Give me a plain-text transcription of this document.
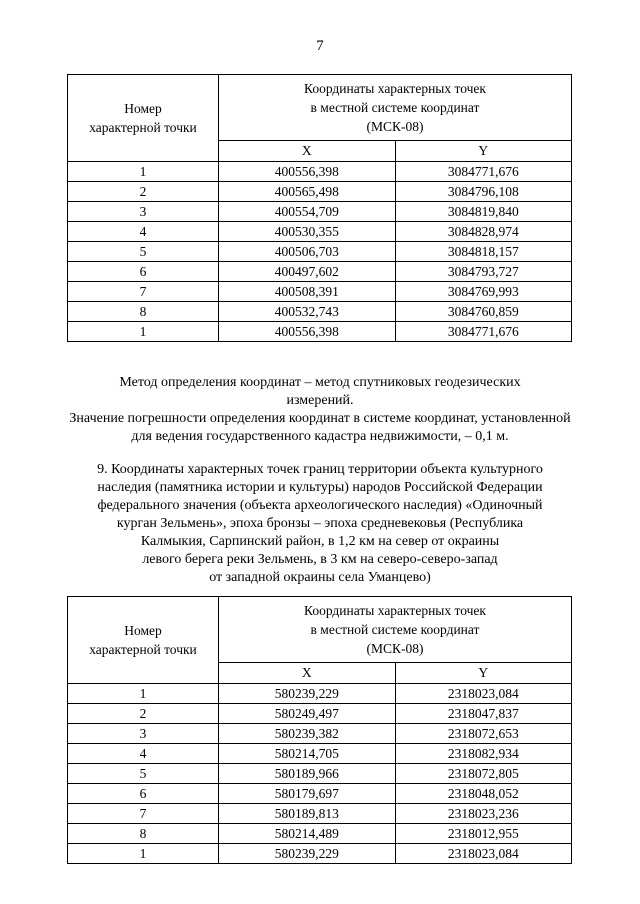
7
Номер
характерной точки	Координаты характерных точек
в местной системе координат
(МСК-08)	

	X	Y
1	400556,398	3084771,676
2	400565,498	3084796,108
3	400554,709	3084819,840
4	400530,355	3084828,974
5	400506,703	3084818,157
6	400497,602	3084793,727
7	400508,391	3084769,993
8	400532,743	3084760,859
1	400556,398	3084771,676
Метод определения координат – метод спутниковых геодезических
измерений.
Значение погрешности определения координат в системе координат, установленной
для ведения государственного кадастра недвижимости, – 0,1 м.
9. Координаты характерных точек границ территории объекта культурного
наследия (памятника истории и культуры) народов Российской Федерации
федерального значения (объекта археологического наследия) «Одиночный
курган Зельмень», эпоха бронзы – эпоха средневековья (Республика
Калмыкия, Сарпинский район, в 1,2 км на север от окраины
левого берега реки Зельмень, в 3 км на северо-северо-запад
от западной окраины села Уманцево)
Номер
характерной точки	Координаты характерных точек
в местной системе координат
(МСК-08)	

	X	Y
1	580239,229	2318023,084
2	580249,497	2318047,837
3	580239,382	2318072,653
4	580214,705	2318082,934
5	580189,966	2318072,805
6	580179,697	2318048,052
7	580189,813	2318023,236
8	580214,489	2318012,955
1	580239,229	2318023,084
